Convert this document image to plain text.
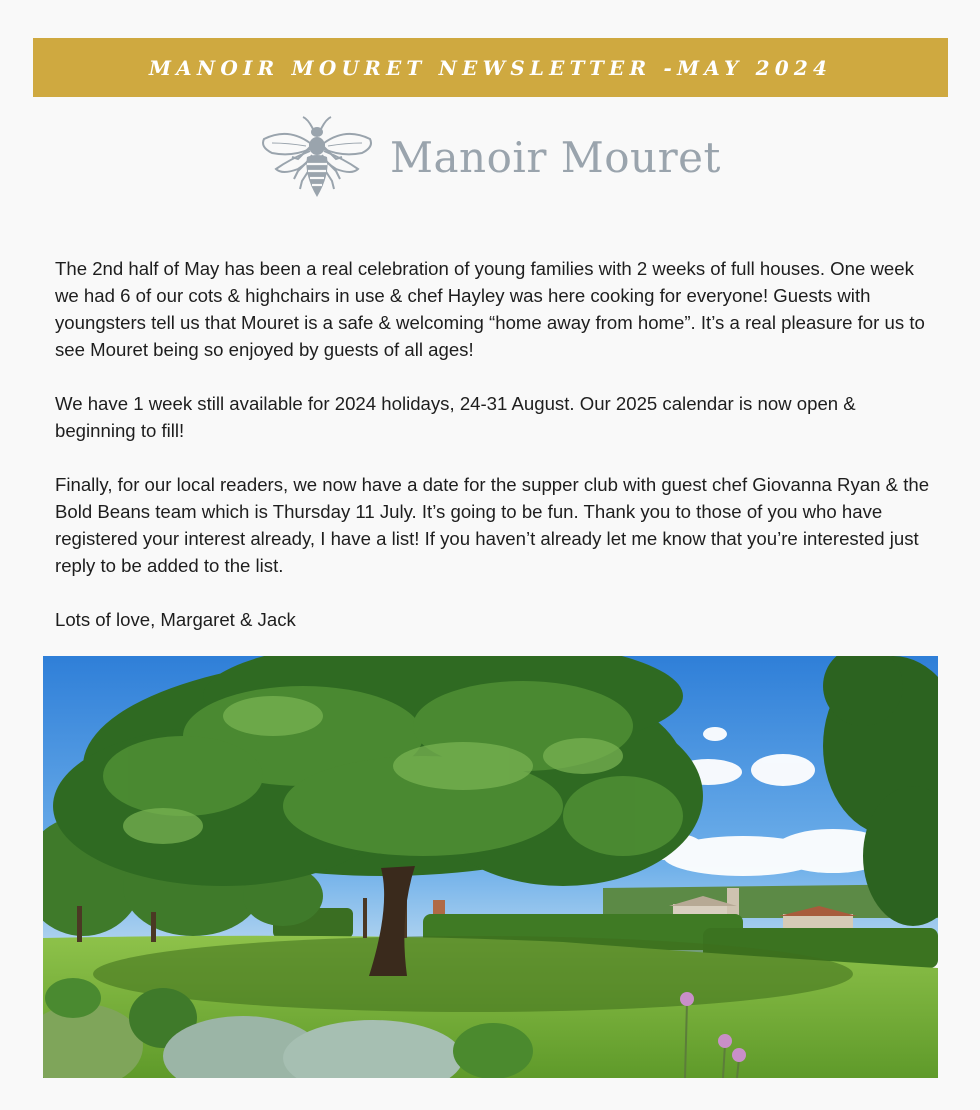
MANOIR MOURET NEWSLETTER -MAY 2024
Manoir Mouret

The 2nd half of May has been a real celebration of young families with 2 weeks of full houses. One week we had 6 of our cots & highchairs in use & chef Hayley was here cooking for everyone! Guests with youngsters tell us that Mouret is a safe & welcoming “home away from home”. It’s a real pleasure for us to see Mouret being so enjoyed by guests of all ages!

We have 1 week still available for 2024 holidays, 24-31 August. Our 2025 calendar is now open & beginning to fill!

Finally, for our local readers, we now have a date for the supper club with guest chef Giovanna Ryan & the Bold Beans team which is Thursday 11 July. It’s going to be fun. Thank you to those of you who have registered your interest already, I have a list! If you haven’t already let me know that you’re interested just reply to be added to the list.

Lots of love, Margaret & Jack
